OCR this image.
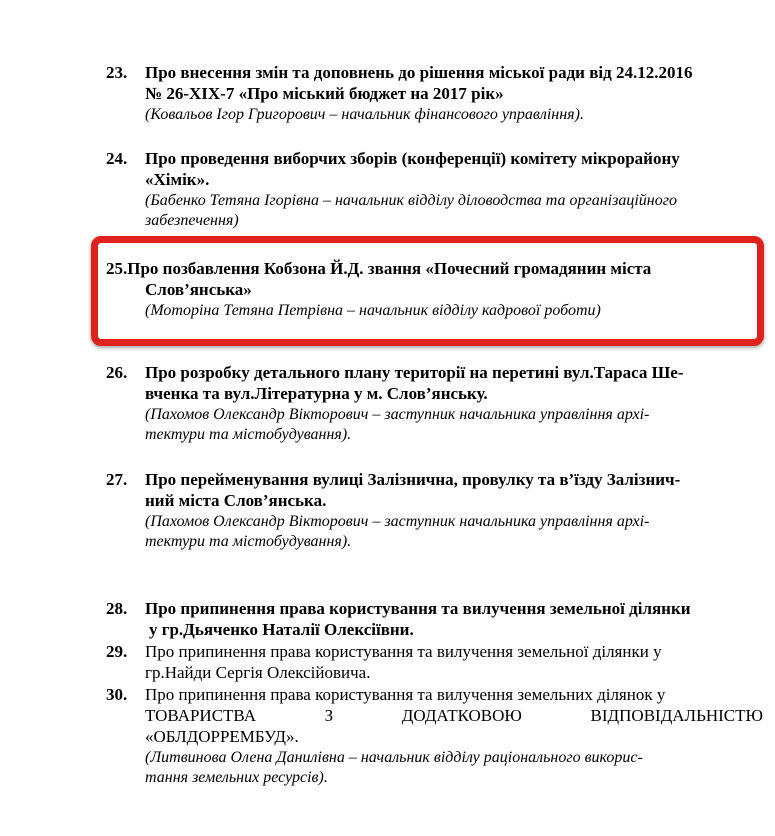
23. Про внесення змін та доповнень до рішення міської ради від 24.12.2016
№ 26-XIX-7 «Про міський бюджет на 2017 рік»
(Ковальов Ігор Григорович – начальник фінансового управління).
24. Про проведення виборчих зборів (конференції) комітету мікрорайону
«Хімік».
(Бабенко Тетяна Ігорівна – начальник відділу діловодства та організаційного
забезпечення)
25.Про позбавлення Кобзона Й.Д. звання «Почесний громадянин міста
Слов’янська»
(Моторіна Тетяна Петрівна – начальник відділу кадрової роботи)
26. Про розробку детального плану території на перетині вул.Тараса Ше-
вченка та вул.Літературна у м. Слов’янську.
(Пахомов Олександр Вікторович – заступник начальника управління архі-
тектури та містобудування).
27. Про перейменування вулиці Залізнична, провулку та в’їзду Залізнич-
ний міста Слов’янська.
(Пахомов Олександр Вікторович – заступник начальника управління архі-
тектури та містобудування).
28. Про припинення права користування та вилучення земельної ділянки
у гр.Дьяченко Наталії Олексіївни.
29. Про припинення права користування та вилучення земельної ділянки у
гр.Найди Сергія Олексійовича.
30. Про припинення права користування та вилучення земельних ділянок у
ТОВАРИСТВА З ДОДАТКОВОЮ ВІДПОВІДАЛЬНІСТЮ
«ОБЛДОРРЕМБУД».
(Литвинова Олена Данилівна – начальник відділу раціонального викорис-
тання земельних ресурсів).
